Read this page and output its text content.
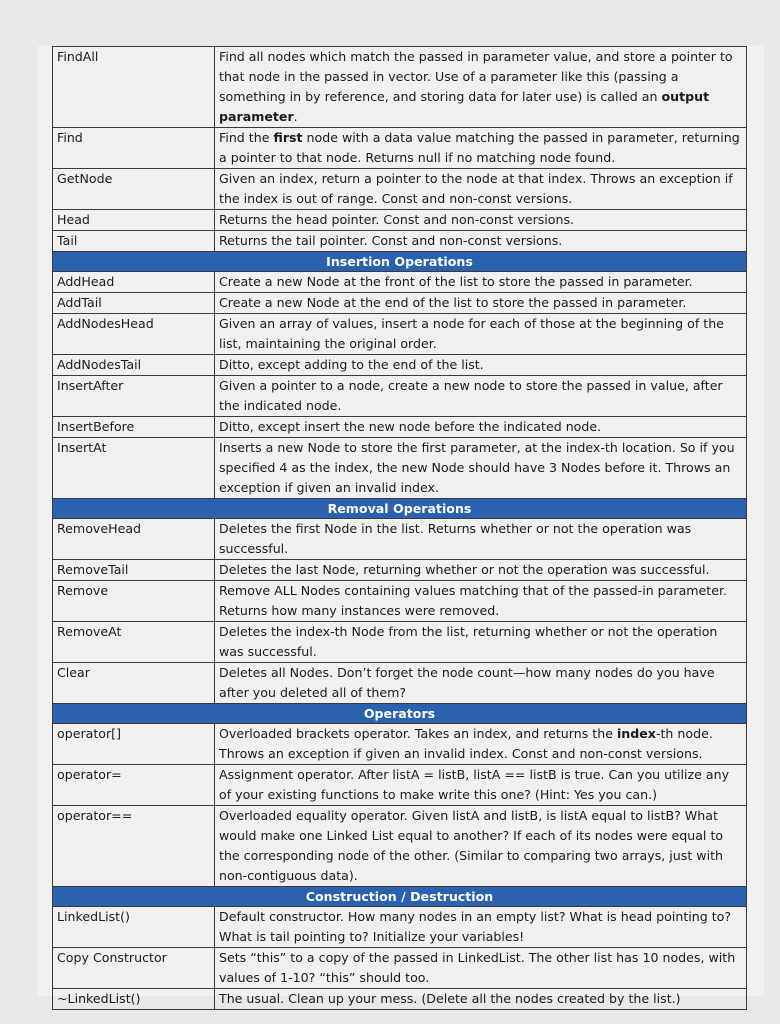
FindAll	Find all nodes which match the passed in parameter value, and store a pointer to that node in the passed in vector. Use of a parameter like this (passing a something in by reference, and storing data for later use) is called an output parameter.
Find	Find the first node with a data value matching the passed in parameter, returning a pointer to that node. Returns null if no matching node found.
GetNode	Given an index, return a pointer to the node at that index. Throws an exception if the index is out of range. Const and non-const versions.
Head	Returns the head pointer. Const and non-const versions.
Tail	Returns the tail pointer. Const and non-const versions.
Insertion Operations	
AddHead	Create a new Node at the front of the list to store the passed in parameter.
AddTail	Create a new Node at the end of the list to store the passed in parameter.
AddNodesHead	Given an array of values, insert a node for each of those at the beginning of the list, maintaining the original order.
AddNodesTail	Ditto, except adding to the end of the list.
InsertAfter	Given a pointer to a node, create a new node to store the passed in value, after the indicated node.
InsertBefore	Ditto, except insert the new node before the indicated node.
InsertAt	Inserts a new Node to store the first parameter, at the index-th location. So if you specified 4 as the index, the new Node should have 3 Nodes before it. Throws an exception if given an invalid index.
Removal Operations	
RemoveHead	Deletes the first Node in the list. Returns whether or not the operation was successful.
RemoveTail	Deletes the last Node, returning whether or not the operation was successful.
Remove	Remove ALL Nodes containing values matching that of the passed-in parameter. Returns how many instances were removed.
RemoveAt	Deletes the index-th Node from the list, returning whether or not the operation was successful.
Clear	Deletes all Nodes. Don’t forget the node count—how many nodes do you have after you deleted all of them?
Operators	
operator[]	Overloaded brackets operator. Takes an index, and returns the index-th node. Throws an exception if given an invalid index. Const and non-const versions.
operator=	Assignment operator. After listA = listB, listA == listB is true. Can you utilize any of your existing functions to make write this one? (Hint: Yes you can.)
operator==	Overloaded equality operator. Given listA and listB, is listA equal to listB? What would make one Linked List equal to another? If each of its nodes were equal to the corresponding node of the other. (Similar to comparing two arrays, just with non-contiguous data).
Construction / Destruction	
LinkedList()	Default constructor. How many nodes in an empty list? What is head pointing to? What is tail pointing to? Initialize your variables!
Copy Constructor	Sets “this” to a copy of the passed in LinkedList. The other list has 10 nodes, with values of 1-10? “this” should too.
~LinkedList()	The usual. Clean up your mess. (Delete all the nodes created by the list.)
